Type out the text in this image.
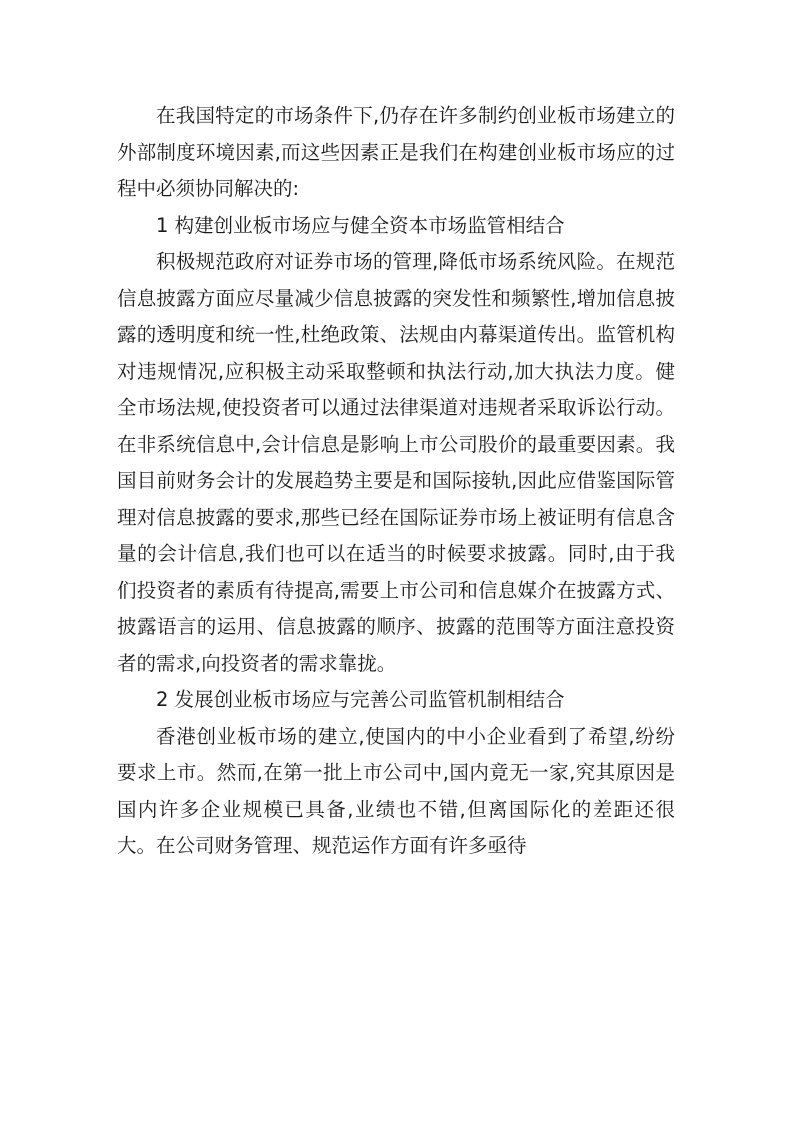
在我国特定的市场条件下,仍存在许多制约创业板市场建立的外部制度环境因素,而这些因素正是我们在构建创业板市场应的过程中必须协同解决的:

1 构建创业板市场应与健全资本市场监管相结合

积极规范政府对证券市场的管理,降低市场系统风险。在规范信息披露方面应尽量减少信息披露的突发性和频繁性,增加信息披露的透明度和统一性,杜绝政策、法规由内幕渠道传出。监管机构对违规情况,应积极主动采取整顿和执法行动,加大执法力度。健全市场法规,使投资者可以通过法律渠道对违规者采取诉讼行动。在非系统信息中,会计信息是影响上市公司股价的最重要因素。我国目前财务会计的发展趋势主要是和国际接轨,因此应借鉴国际管理对信息披露的要求,那些已经在国际证券市场上被证明有信息含量的会计信息,我们也可以在适当的时候要求披露。同时,由于我们投资者的素质有待提高,需要上市公司和信息媒介在披露方式、披露语言的运用、信息披露的顺序、披露的范围等方面注意投资者的需求,向投资者的需求靠拢。

2 发展创业板市场应与完善公司监管机制相结合

香港创业板市场的建立,使国内的中小企业看到了希望,纷纷要求上市。然而,在第一批上市公司中,国内竟无一家,究其原因是国内许多企业规模已具备,业绩也不错,但离国际化的差距还很大。在公司财务管理、规范运作方面有许多亟待
